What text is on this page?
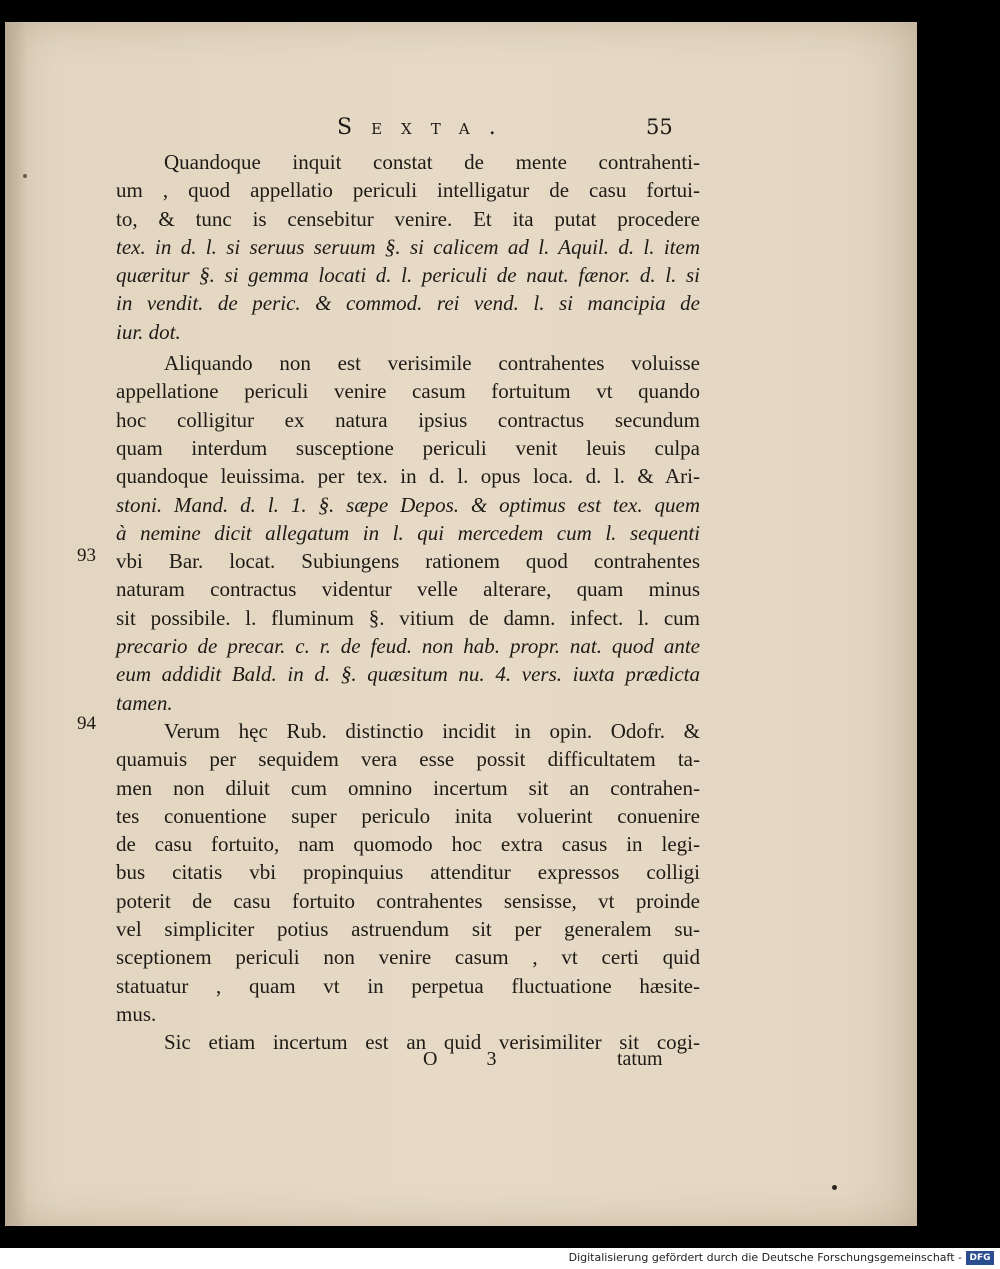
Sexta.	55
93
94
Quandoque inquit constat de mente contrahenti-
um , quod appellatio periculi intelligatur de casu fortui-
to, & tunc is censebitur venire. Et ita putat procedere
tex. in d. l. si seruus seruum §. si calicem ad l. Aquil. d. l. item
quæritur §. si gemma locati d. l. periculi de naut. fænor. d. l. si
in vendit. de peric. & commod. rei vend. l. si mancipia de
iur. dot.
Aliquando non est verisimile contrahentes voluisse
appellatione periculi venire casum fortuitum vt quando
hoc colligitur ex natura ipsius contractus secundum
quam interdum susceptione periculi venit leuis culpa
quandoque leuissima. per tex. in d. l. opus loca. d. l. & Ari-
stoni. Mand. d. l. 1. §. sæpe Depos. & optimus est tex. quem
à nemine dicit allegatum in l. qui mercedem cum l. sequenti
vbi Bar. locat. Subiungens rationem quod contrahentes
naturam contractus videntur velle alterare, quam minus
sit possibile. l. fluminum §. vitium de damn. infect. l. cum
precario de precar. c. r. de feud. non hab. propr. nat. quod ante
eum addidit Bald. in d. §. quæsitum nu. 4. vers. iuxta prædicta
tamen.
Verum hęc Rub. distinctio incidit in opin. Odofr. &
quamuis per sequidem vera esse possit difficultatem ta-
men non diluit cum omnino incertum sit an contrahen-
tes conuentione super periculo inita voluerint conuenire
de casu fortuito, nam quomodo hoc extra casus in legi-
bus citatis vbi propinquius attenditur expressos colligi
poterit de casu fortuito contrahentes sensisse, vt proinde
vel simpliciter potius astruendum sit per generalem su-
sceptionem periculi non venire casum , vt certi quid
statuatur , quam vt in perpetua fluctuatione hæsite-
mus.
Sic etiam incertum est an quid verisimiliter sit cogi-
O 3	tatum
Digitalisierung gefördert durch die Deutsche Forschungsgemeinschaft - DFG
